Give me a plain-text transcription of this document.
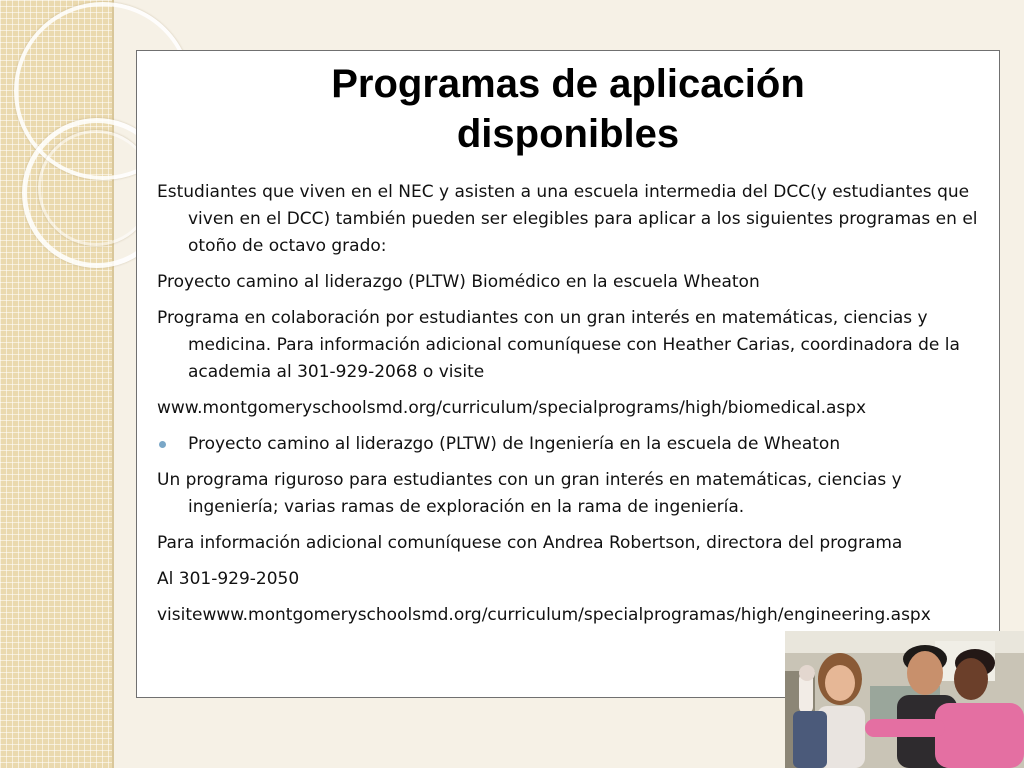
Programas de aplicación
disponibles

Estudiantes que viven en el NEC y asisten a una escuela intermedia del DCC(y estudiantes que viven en el DCC) también pueden ser elegibles para aplicar a los siguientes programas en el otoño de octavo grado:

Proyecto camino al liderazgo (PLTW) Biomédico en la escuela Wheaton

Programa en colaboración por estudiantes con un gran interés en matemáticas, ciencias y medicina. Para información adicional comuníquese con Heather Carias, coordinadora de la academia al 301-929-2068 o visite

www.montgomeryschoolsmd.org/curriculum/specialprograms/high/biomedical.aspx

Proyecto camino al liderazgo (PLTW) de Ingeniería en la escuela de Wheaton

Un programa riguroso para estudiantes con un gran interés en matemáticas, ciencias y ingeniería; varias ramas de exploración en la rama de ingeniería.

Para información adicional comuníquese con Andrea Robertson, directora del programa

Al 301-929-2050

visitewww.montgomeryschoolsmd.org/curriculum/specialprogramas/high/engineering.aspx
